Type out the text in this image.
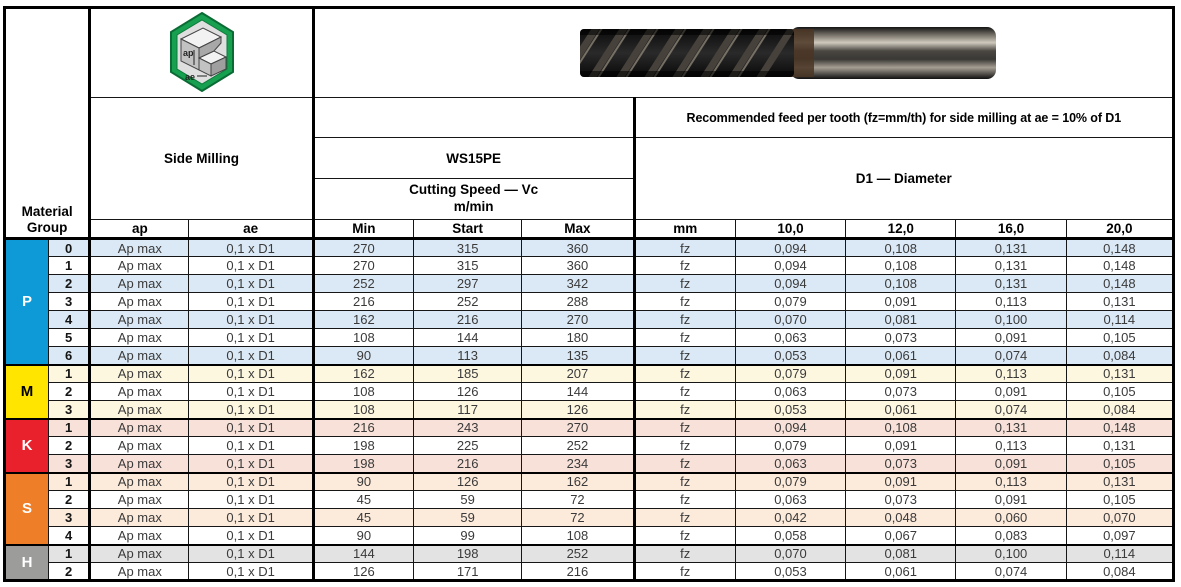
Material Group		ap
ae

		Side Milling					Recommended feed per tooth (fz=mm/th) for side milling at ae = 10% of D1				
				WS15PE			D1 — Diameter				

				Cutting Speed — Vc
m/min							

		ap	ae	Min	Start	Max	mm	10,0	12,0	16,0	20,0
P	0	Ap max	0,1 x D1	270	315	360	fz	0,094	0,108	0,131	0,148
	1	Ap max	0,1 x D1	270	315	360	fz	0,094	0,108	0,131	0,148
	2	Ap max	0,1 x D1	252	297	342	fz	0,094	0,108	0,131	0,148
	3	Ap max	0,1 x D1	216	252	288	fz	0,079	0,091	0,113	0,131
	4	Ap max	0,1 x D1	162	216	270	fz	0,070	0,081	0,100	0,114
	5	Ap max	0,1 x D1	108	144	180	fz	0,063	0,073	0,091	0,105
	6	Ap max	0,1 x D1	90	113	135	fz	0,053	0,061	0,074	0,084
M	1	Ap max	0,1 x D1	162	185	207	fz	0,079	0,091	0,113	0,131
	2	Ap max	0,1 x D1	108	126	144	fz	0,063	0,073	0,091	0,105
	3	Ap max	0,1 x D1	108	117	126	fz	0,053	0,061	0,074	0,084
K	1	Ap max	0,1 x D1	216	243	270	fz	0,094	0,108	0,131	0,148
	2	Ap max	0,1 x D1	198	225	252	fz	0,079	0,091	0,113	0,131
	3	Ap max	0,1 x D1	198	216	234	fz	0,063	0,073	0,091	0,105
S	1	Ap max	0,1 x D1	90	126	162	fz	0,079	0,091	0,113	0,131
	2	Ap max	0,1 x D1	45	59	72	fz	0,063	0,073	0,091	0,105
	3	Ap max	0,1 x D1	45	59	72	fz	0,042	0,048	0,060	0,070
	4	Ap max	0,1 x D1	90	99	108	fz	0,058	0,067	0,083	0,097
H	1	Ap max	0,1 x D1	144	198	252	fz	0,070	0,081	0,100	0,114
	2	Ap max	0,1 x D1	126	171	216	fz	0,053	0,061	0,074	0,084
